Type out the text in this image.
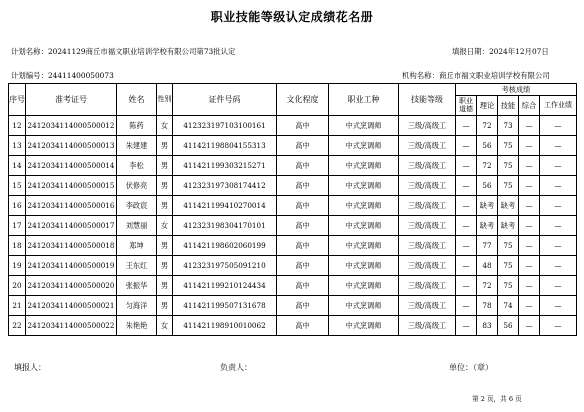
职业技能等级认定成绩花名册
计划名称：20241129商丘市福文职业培训学校有限公司第73批认定	填报日期：2024年12月07日
计划编号：24411400050073	机构名称：商丘市福文职业培训学校有限公司
序号	准考证号	姓名	性别	证件号码	文化程度	职业工种	技能等级	考核成绩				
								职业道德	理论	技能	综合	工作业绩
12	2412034114000500012	陈药	女	412323197103100161	高中	中式烹调师	三级/高级工	—	72	73	—	—
13	2412034114000500013	朱建建	男	411421198804155313	高中	中式烹调师	三级/高级工	—	56	75	—	—
14	2412034114000500014	李松	男	411421199303215271	高中	中式烹调师	三级/高级工	—	72	75	—	—
15	2412034114000500015	伏修亮	男	412323197308174412	高中	中式烹调师	三级/高级工	—	56	75	—	—
16	2412034114000500016	李政宸	男	411421199410270014	高中	中式烹调师	三级/高级工	—	缺考	缺考	—	—
17	2412034114000500017	刘慧丽	女	412323198304170101	高中	中式烹调师	三级/高级工	—	缺考	缺考	—	—
18	2412034114000500018	郑坤	男	411421198602060199	高中	中式烹调师	三级/高级工	—	77	75	—	—
19	2412034114000500019	王东红	男	412323197505091210	高中	中式烹调师	三级/高级工	—	48	75	—	—
20	2412034114000500020	张振华	男	411421199210124434	高中	中式烹调师	三级/高级工	—	72	75	—	—
21	2412034114000500021	匀海洋	男	411421199507131678	高中	中式烹调师	三级/高级工	—	78	74	—	—
22	2412034114000500022	朱艳艳	女	411421198910010062	高中	中式烹调师	三级/高级工	—	83	56	—	—
填报人：	负责人：	单位：（章）
第 2 页，共 6 页
